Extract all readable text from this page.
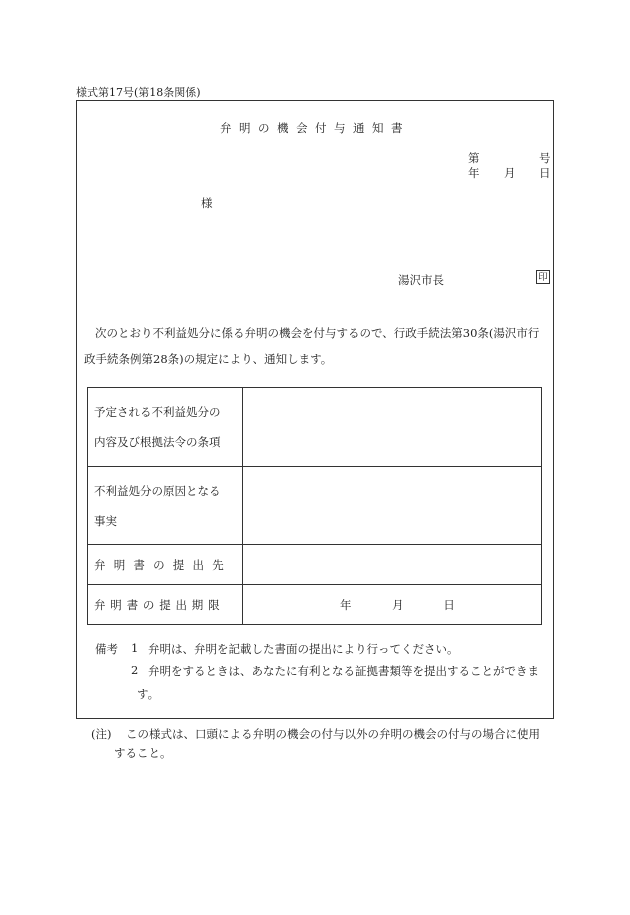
様式第17号(第18条関係)
弁明の機会付与通知書
第	号
年 月 日
様
湯沢市長	印
次のとおり不利益処分に係る弁明の機会を付与するので、行政手続法第30条(湯沢市行政手続条例第28条)の規定により、通知します。
予定される不利益処分の
内容及び根拠法令の条項	

不利益処分の原因となる
事実	

弁明書の提出先	
弁明書の提出期限	年 月 日
備考 1 弁明は、弁明を記載した書面の提出により行ってください。
2 弁明をするときは、あなたに有利となる証拠書類等を提出することができま
す。
(注) この様式は、口頭による弁明の機会の付与以外の弁明の機会の付与の場合に使用
すること。
